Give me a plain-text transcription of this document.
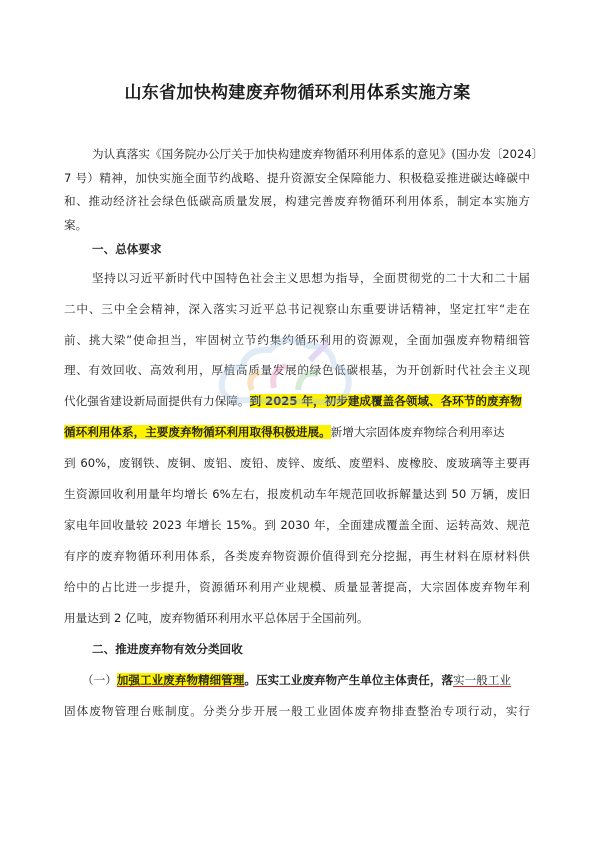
山东省加快构建废弃物循环利用体系实施方案
为认真落实《国务院办公厅关于加快构建废弃物循环利用体系的意见》(国办发〔2024〕
7 号）精神，加快实施全面节约战略、提升资源安全保障能力、积极稳妥推进碳达峰碳中
和、推动经济社会绿色低碳高质量发展，构建完善废弃物循环利用体系，制定本实施方
案。
一、总体要求
坚持以习近平新时代中国特色社会主义思想为指导，全面贯彻党的二十大和二十届
二中、三中全会精神，深入落实习近平总书记视察山东重要讲话精神，坚定扛牢“走在
前、挑大梁”使命担当，牢固树立节约集约循环利用的资源观，全面加强废弃物精细管
理、有效回收、高效利用，厚植高质量发展的绿色低碳根基，为开创新时代社会主义现
代化强省建设新局面提供有力保障。到 2025 年，初步建成覆盖各领域、各环节的废弃物
循环利用体系，主要废弃物循环利用取得积极进展。新增大宗固体废弃物综合利用率达
到 60%，废钢铁、废铜、废铝、废铅、废锌、废纸、废塑料、废橡胶、废玻璃等主要再
生资源回收利用量年均增长 6%左右，报废机动车年规范回收拆解量达到 50 万辆，废旧
家电年回收量较 2023 年增长 15%。到 2030 年，全面建成覆盖全面、运转高效、规范
有序的废弃物循环利用体系，各类废弃物资源价值得到充分挖掘，再生材料在原材料供
给中的占比进一步提升，资源循环利用产业规模、质量显著提高，大宗固体废弃物年利
用量达到 2 亿吨，废弃物循环利用水平总体居于全国前列。
二、推进废弃物有效分类回收
（一）加强工业废弃物精细管理。压实工业废弃物产生单位主体责任，落实一般工业
固体废物管理台账制度。分类分步开展一般工业固体废弃物排查整治专项行动，实行
